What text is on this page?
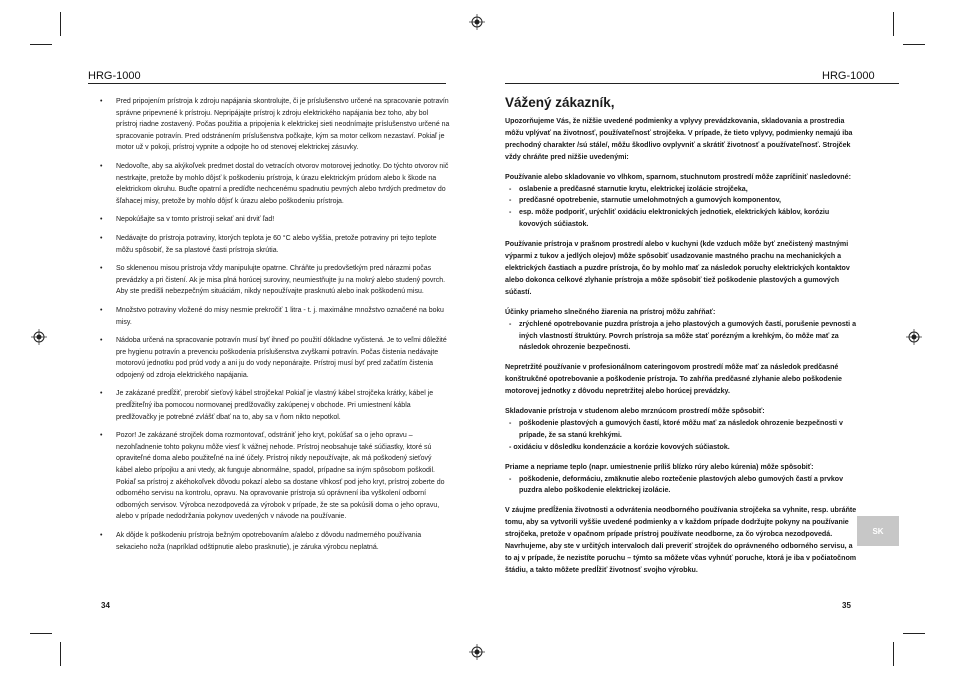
HRG-1000	HRG-1000
• Pred pripojením prístroja k zdroju napájania skontrolujte, či je príslušenstvo určené na spracovanie potravín správne pripevnené k prístroju. Nepripájajte prístroj k zdroju elektrického napájania bez toho, aby bol prístroj riadne zostavený. Počas použitia a pripojenia k elektrickej sieti neodnímajte príslušenstvo určené na spracovanie potravín. Pred odstránením príslušenstva počkajte, kým sa motor celkom nezastaví. Pokiaľ je motor už v pokoji, prístroj vypnite a odpojte ho od stenovej elektrickej zásuvky.
• Nedovoľte, aby sa akýkoľvek predmet dostal do vetracích otvorov motorovej jednotky. Do týchto otvorov nič nestrkajte, pretože by mohlo dôjsť k poškodeniu prístroja, k úrazu elektrickým prúdom alebo k škode na elektrickom okruhu. Buďte opatrní a predíďte nechcenému spadnutiu pevných alebo tvrdých predmetov do šľahacej misy, pretože by mohlo dôjsť k úrazu alebo poškodeniu prístroja.
• Nepokúšajte sa v tomto prístroji sekať ani drviť ľad!
• Nedávajte do prístroja potraviny, ktorých teplota je 60 °C alebo vyššia, pretože potraviny pri tejto teplote môžu spôsobiť, že sa plastové časti prístroja skrútia.
• So sklenenou misou prístroja vždy manipulujte opatrne. Chráňte ju predovšetkým pred nárazmi počas prevádzky a pri čistení. Ak je misa plná horúcej suroviny, neumiestňujte ju na mokrý alebo studený povrch. Aby ste predišli nebezpečným situáciám, nikdy nepoužívajte prasknutú alebo inak poškodenú misu.
• Množstvo potraviny vložené do misy nesmie prekročiť 1 litra - t. j. maximálne množstvo označené na boku misy.
• Nádoba určená na spracovanie potravín musí byť ihneď po použití dôkladne vyčistená. Je to veľmi dôležité pre hygienu potravín a prevenciu poškodenia príslušenstva zvyškami potravín. Počas čistenia nedávajte motorovú jednotku pod prúd vody a ani ju do vody neponárajte. Prístroj musí byť pred začatím čistenia odpojený od zdroja elektrického napájania.
• Je zakázané predĺžiť, prerobiť sieťový kábel strojčeka! Pokiaľ je vlastný kábel strojčeka krátky, kábel je predĺžiteľný iba pomocou normovanej predlžovačky zakúpenej v obchode. Pri umiestnení kábla predlžovačky je potrebné zvlášť dbať na to, aby sa v ňom nikto nepotkol.
• Pozor! Je zakázané strojček doma rozmontovať, odstrániť jeho kryt, pokúšať sa o jeho opravu – nezohľadnenie tohto pokynu môže viesť k vážnej nehode. Prístroj neobsahuje také súčiastky, ktoré sú opraviteľné doma alebo použiteľné na iné účely. Prístroj nikdy nepoužívajte, ak má poškodený sieťový kábel alebo prípojku a ani vtedy, ak funguje abnormálne, spadol, prípadne sa iným spôsobom poškodil. Pokiaľ sa prístroj z akéhokoľvek dôvodu pokazí alebo sa dostane vlhkosť pod jeho kryt, prístroj zoberte do odborného servisu na kontrolu, opravu. Na opravovanie prístroja sú oprávnení iba vyškolení odborní odborných servisov. Výrobca nezodpovedá za výrobok v prípade, že ste sa pokúsili doma o jeho opravu, alebo v prípade nedodržania pokynov uvedených v návode na používanie.
• Ak dôjde k poškodeniu prístroja bežným opotrebovaním a/alebo z dôvodu nadmerného používania sekacieho noža (napríklad odštipnutie alebo prasknutie), je záruka výrobcu neplatná.
34
Vážený zákazník,

Upozorňujeme Vás, že nižšie uvedené podmienky a vplyvy prevádzkovania, skladovania a prostredia môžu vplývať na životnosť, používateľnosť strojčeka. V prípade, že tieto vplyvy, podmienky nemajú iba prechodný charakter /sú stále/, môžu škodlivo ovplyvniť a skrátiť životnosť a používateľnosť. Strojček vždy chráňte pred nižšie uvedenými:

Používanie alebo skladovanie vo vlhkom, sparnom, stuchnutom prostredí môže zapríčiniť nasledovné:
- oslabenie a predčasné starnutie krytu, elektrickej izolácie strojčeka,
- predčasné opotrebenie, starnutie umelohmotných a gumových komponentov,
- esp. môže podporiť, urýchliť oxidáciu elektronických jednotiek, elektrických káblov, koróziu kovových súčiastok.

Používanie prístroja v prašnom prostredí alebo v kuchyni (kde vzduch môže byť znečistený mastnými výparmi z tukov a jedlých olejov) môže spôsobiť usadzovanie mastného prachu na mechanických a elektrických častiach a puzdre prístroja, čo by mohlo mať za následok poruchy elektrických kontaktov alebo dokonca celkové zlyhanie prístroja a môže spôsobiť tiež poškodenie plastových a gumových súčastí.

Účinky priameho slnečného žiarenia na prístroj môžu zahŕňať:
- zrýchlené opotrebovanie puzdra prístroja a jeho plastových a gumových častí, porušenie pevnosti a iných vlastností štruktúry. Povrch prístroja sa môže stať porézným a krehkým, čo môže mať za následok ohrozenie bezpečnosti.

Nepretržité používanie v profesionálnom cateringovom prostredí môže mať za následok predčasné konštrukčné opotrebovanie a poškodenie prístroja. To zahŕňa predčasné zlyhanie alebo poškodenie motorovej jednotky z dôvodu nepretržitej alebo horúcej prevádzky.

Skladovanie prístroja v studenom alebo mrznúcom prostredí môže spôsobiť:
- poškodenie plastových a gumových častí, ktoré môžu mať za následok ohrozenie bezpečnosti v prípade, že sa stanú krehkými.
- oxidáciu v dôsledku kondenzácie a korózie kovových súčiastok.
Priame a nepriame teplo (napr. umiestnenie príliš blízko rúry alebo kúrenia) môže spôsobiť:
- poškodenie, deformáciu, zmäknutie alebo roztečenie plastových alebo gumových častí a prvkov puzdra alebo poškodenie elektrickej izolácie.

V záujme predĺženia životnosti a odvrátenia neodborného používania strojčeka sa vyhnite, resp. ubráňte tomu, aby sa vytvorili vyššie uvedené podmienky a v každom prípade dodržujte pokyny na používanie strojčeka, pretože v opačnom prípade prístroj používate neodborne, za čo výrobca nezodpovedá. Navrhujeme, aby ste v určitých intervaloch dali preveriť strojček do oprávneného odborného servisu, a to aj v prípade, že nezistíte poruchu – týmto sa môžete včas vyhnúť poruche, ktorá je iba v počiatočnom štádiu, a takto môžete predĺžiť životnosť svojho výrobku.

SK
35
